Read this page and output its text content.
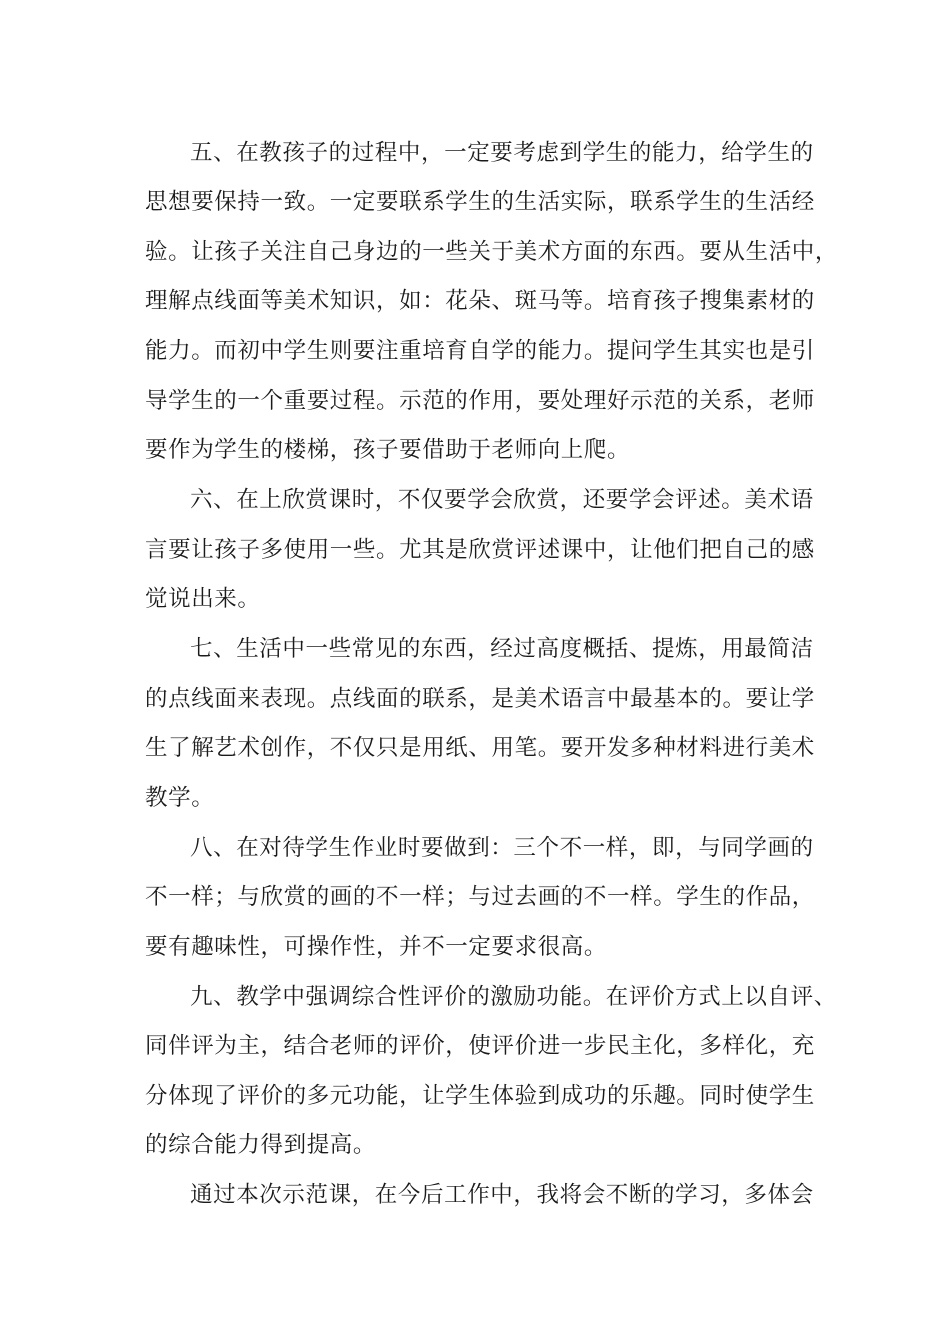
五、在教孩子的过程中，一定要考虑到学生的能力，给学生的
思想要保持一致。一定要联系学生的生活实际，联系学生的生活经
验。让孩子关注自己身边的一些关于美术方面的东西。要从生活中，
理解点线面等美术知识，如：花朵、斑马等。培育孩子搜集素材的
能力。而初中学生则要注重培育自学的能力。提问学生其实也是引
导学生的一个重要过程。示范的作用，要处理好示范的关系，老师
要作为学生的楼梯，孩子要借助于老师向上爬。
六、在上欣赏课时，不仅要学会欣赏，还要学会评述。美术语
言要让孩子多使用一些。尤其是欣赏评述课中，让他们把自己的感
觉说出来。
七、生活中一些常见的东西，经过高度概括、提炼，用最简洁
的点线面来表现。点线面的联系，是美术语言中最基本的。要让学
生了解艺术创作，不仅只是用纸、用笔。要开发多种材料进行美术
教学。
八、在对待学生作业时要做到：三个不一样，即，与同学画的
不一样；与欣赏的画的不一样；与过去画的不一样。学生的作品，
要有趣味性，可操作性，并不一定要求很高。
九、教学中强调综合性评价的激励功能。在评价方式上以自评、
同伴评为主，结合老师的评价，使评价进一步民主化，多样化，充
分体现了评价的多元功能，让学生体验到成功的乐趣。同时使学生
的综合能力得到提高。
通过本次示范课，在今后工作中，我将会不断的学习，多体会
